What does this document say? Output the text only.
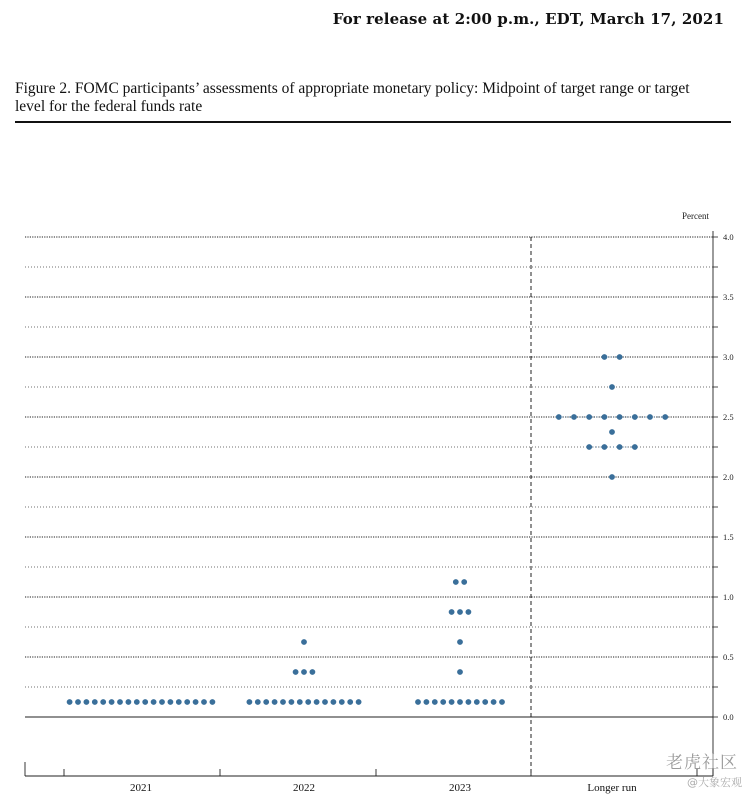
For release at 2:00 p.m., EDT, March 17, 2021
Figure 2. FOMC participants’ assessments of appropriate monetary policy: Midpoint of target range or target level for the federal funds rate
4.0
3.5
3.0
2.5
2.0
1.5
1.0
0.5
0.0
2021	2022	2023	Longer run
Percent
老虎社区
@大象宏观
